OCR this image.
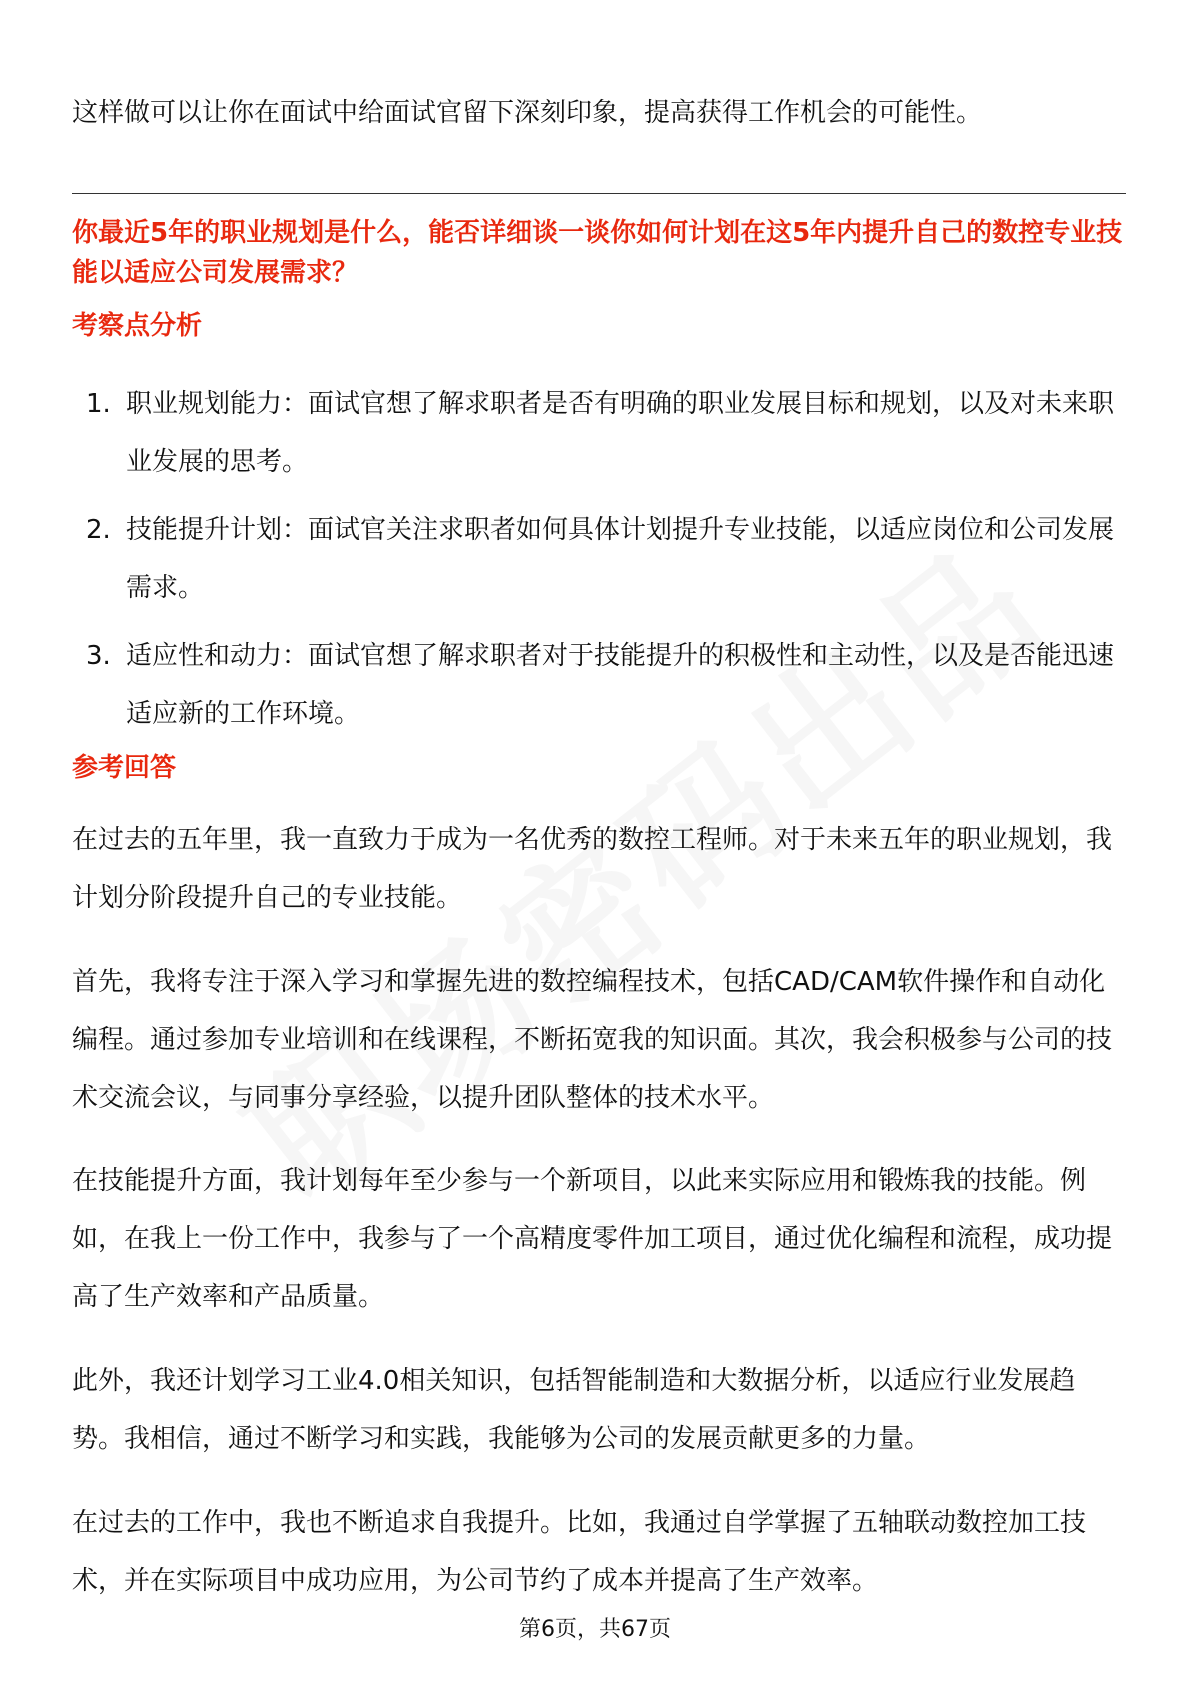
这样做可以让你在面试中给面试官留下深刻印象，提高获得工作机会的可能性。

你最近5年的职业规划是什么，能否详细谈一谈你如何计划在这5年内提升自己的数控专业技能以适应公司发展需求？

考察点分析

1. 职业规划能力：面试官想了解求职者是否有明确的职业发展目标和规划，以及对未来职业发展的思考。
2. 技能提升计划：面试官关注求职者如何具体计划提升专业技能，以适应岗位和公司发展需求。
3. 适应性和动力：面试官想了解求职者对于技能提升的积极性和主动性，以及是否能迅速适应新的工作环境。

参考回答

在过去的五年里，我一直致力于成为一名优秀的数控工程师。对于未来五年的职业规划，我计划分阶段提升自己的专业技能。

首先，我将专注于深入学习和掌握先进的数控编程技术，包括CAD/CAM软件操作和自动化编程。通过参加专业培训和在线课程，不断拓宽我的知识面。其次，我会积极参与公司的技术交流会议，与同事分享经验，以提升团队整体的技术水平。

在技能提升方面，我计划每年至少参与一个新项目，以此来实际应用和锻炼我的技能。例如，在我上一份工作中，我参与了一个高精度零件加工项目，通过优化编程和流程，成功提高了生产效率和产品质量。

此外，我还计划学习工业4.0相关知识，包括智能制造和大数据分析，以适应行业发展趋势。我相信，通过不断学习和实践，我能够为公司的发展贡献更多的力量。

在过去的工作中，我也不断追求自我提升。比如，我通过自学掌握了五轴联动数控加工技术，并在实际项目中成功应用，为公司节约了成本并提高了生产效率。

第6页，共67页
